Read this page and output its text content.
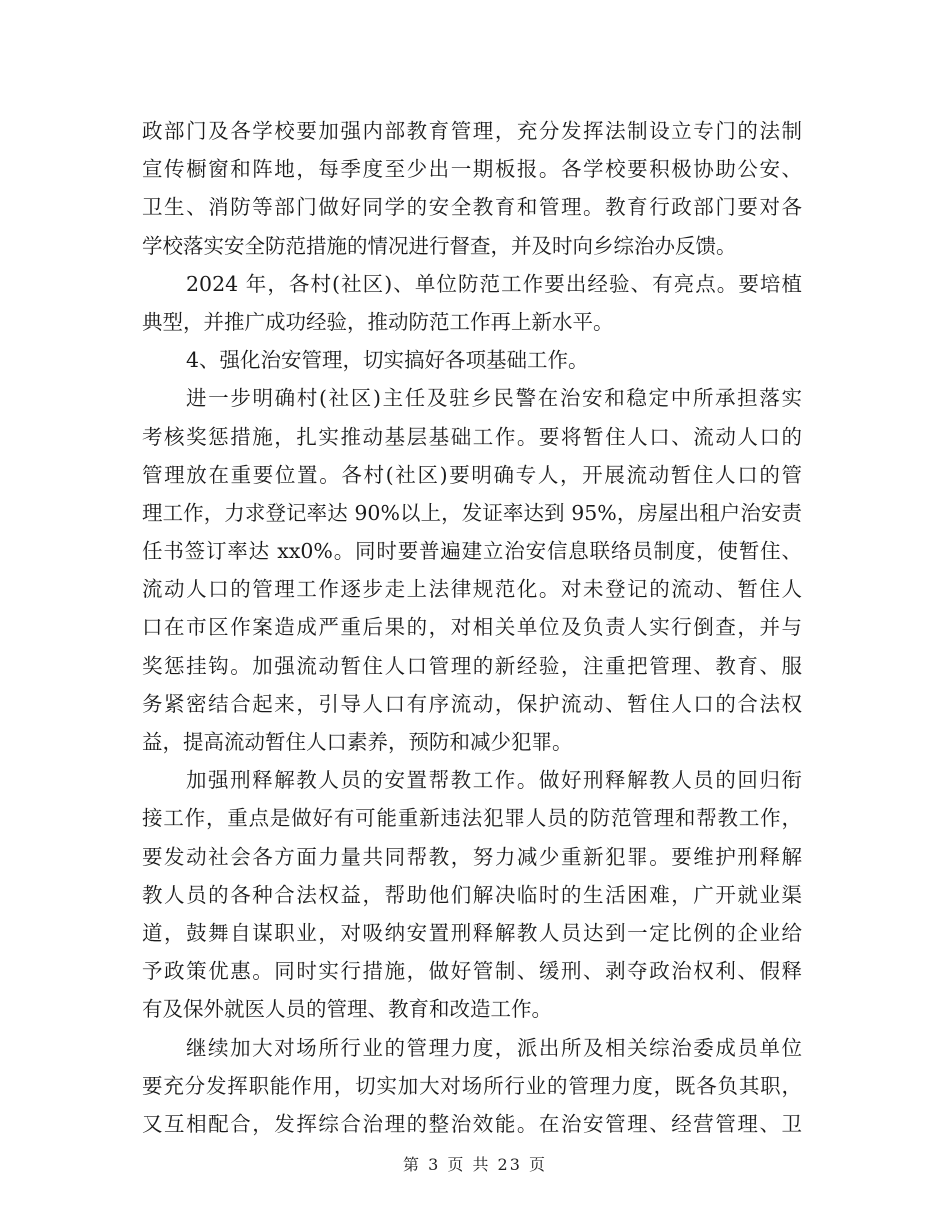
政部门及各学校要加强内部教育管理，充分发挥法制设立专门的法制
宣传橱窗和阵地，每季度至少出一期板报。各学校要积极协助公安、
卫生、消防等部门做好同学的安全教育和管理。教育行政部门要对各
学校落实安全防范措施的情况进行督查，并及时向乡综治办反馈。
2024 年，各村(社区)、单位防范工作要出经验、有亮点。要培植
典型，并推广成功经验，推动防范工作再上新水平。
4、强化治安管理，切实搞好各项基础工作。
进一步明确村(社区)主任及驻乡民警在治安和稳定中所承担落实
考核奖惩措施，扎实推动基层基础工作。要将暂住人口、流动人口的
管理放在重要位置。各村(社区)要明确专人，开展流动暂住人口的管
理工作，力求登记率达 90%以上，发证率达到 95%，房屋出租户治安责
任书签订率达 xx0%。同时要普遍建立治安信息联络员制度，使暂住、
流动人口的管理工作逐步走上法律规范化。对未登记的流动、暂住人
口在市区作案造成严重后果的，对相关单位及负责人实行倒查，并与
奖惩挂钩。加强流动暂住人口管理的新经验，注重把管理、教育、服
务紧密结合起来，引导人口有序流动，保护流动、暂住人口的合法权
益，提高流动暂住人口素养，预防和减少犯罪。
加强刑释解教人员的安置帮教工作。做好刑释解教人员的回归衔
接工作，重点是做好有可能重新违法犯罪人员的防范管理和帮教工作，
要发动社会各方面力量共同帮教，努力减少重新犯罪。要维护刑释解
教人员的各种合法权益，帮助他们解决临时的生活困难，广开就业渠
道，鼓舞自谋职业，对吸纳安置刑释解教人员达到一定比例的企业给
予政策优惠。同时实行措施，做好管制、缓刑、剥夺政治权利、假释
有及保外就医人员的管理、教育和改造工作。
继续加大对场所行业的管理力度，派出所及相关综治委成员单位
要充分发挥职能作用，切实加大对场所行业的管理力度，既各负其职，
又互相配合，发挥综合治理的整治效能。在治安管理、经营管理、卫
第 3 页 共 23 页
